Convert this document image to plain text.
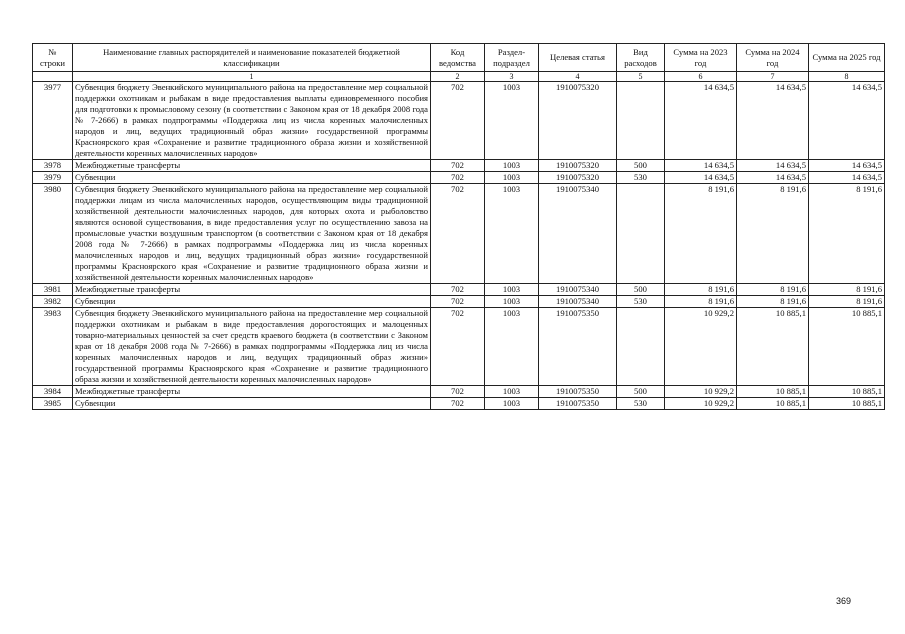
№ строки	Наименование главных распорядителей и наименование показателей бюджетной классификации	Код ведомства	Раздел-подраздел	Целевая статья	Вид расходов	Сумма на 2023 год	Сумма на 2024 год	Сумма на 2025 год
	1	2	3	4	5	6	7	8
3977	Субвенция бюджету Эвенкийского муниципального района на предоставление мер социальной поддержки охотникам и рыбакам в виде предоставления выплаты единовременного пособия для подготовки к промысловому сезону (в соответствии с Законом края от 18 декабря 2008 года № 7-2666) в рамках подпрограммы «Поддержка лиц из числа коренных малочисленных народов и лиц, ведущих традиционный образ жизни» государственной программы Красноярского края «Сохранение и развитие традиционного образа жизни и хозяйственной деятельности коренных малочисленных народов»	702	1003	1910075320		14 634,5	14 634,5	14 634,5
3978	Межбюджетные трансферты	702	1003	1910075320	500	14 634,5	14 634,5	14 634,5
3979	Субвенции	702	1003	1910075320	530	14 634,5	14 634,5	14 634,5
3980	Субвенция бюджету Эвенкийского муниципального района на предоставление мер социальной поддержки лицам из числа малочисленных народов, осуществляющим виды традиционной хозяйственной деятельности малочисленных народов, для которых охота и рыболовство являются основой существования, в виде предоставления услуг по осуществлению завоза на промысловые участки воздушным транспортом (в соответствии с Законом края от 18 декабря 2008 года № 7-2666) в рамках подпрограммы «Поддержка лиц из числа коренных малочисленных народов и лиц, ведущих традиционный образ жизни» государственной программы Красноярского края «Сохранение и развитие традиционного образа жизни и хозяйственной деятельности коренных малочисленных народов»	702	1003	1910075340		8 191,6	8 191,6	8 191,6
3981	Межбюджетные трансферты	702	1003	1910075340	500	8 191,6	8 191,6	8 191,6
3982	Субвенции	702	1003	1910075340	530	8 191,6	8 191,6	8 191,6
3983	Субвенция бюджету Эвенкийского муниципального района на предоставление мер социальной поддержки охотникам и рыбакам в виде предоставления дорогостоящих и малоценных товарно-материальных ценностей за счет средств краевого бюджета (в соответствии с Законом края от 18 декабря 2008 года № 7-2666) в рамках подпрограммы «Поддержка лиц из числа коренных малочисленных народов и лиц, ведущих традиционный образ жизни» государственной программы Красноярского края «Сохранение и развитие традиционного образа жизни и хозяйственной деятельности коренных малочисленных народов»	702	1003	1910075350		10 929,2	10 885,1	10 885,1
3984	Межбюджетные трансферты	702	1003	1910075350	500	10 929,2	10 885,1	10 885,1
3985	Субвенции	702	1003	1910075350	530	10 929,2	10 885,1	10 885,1
369
